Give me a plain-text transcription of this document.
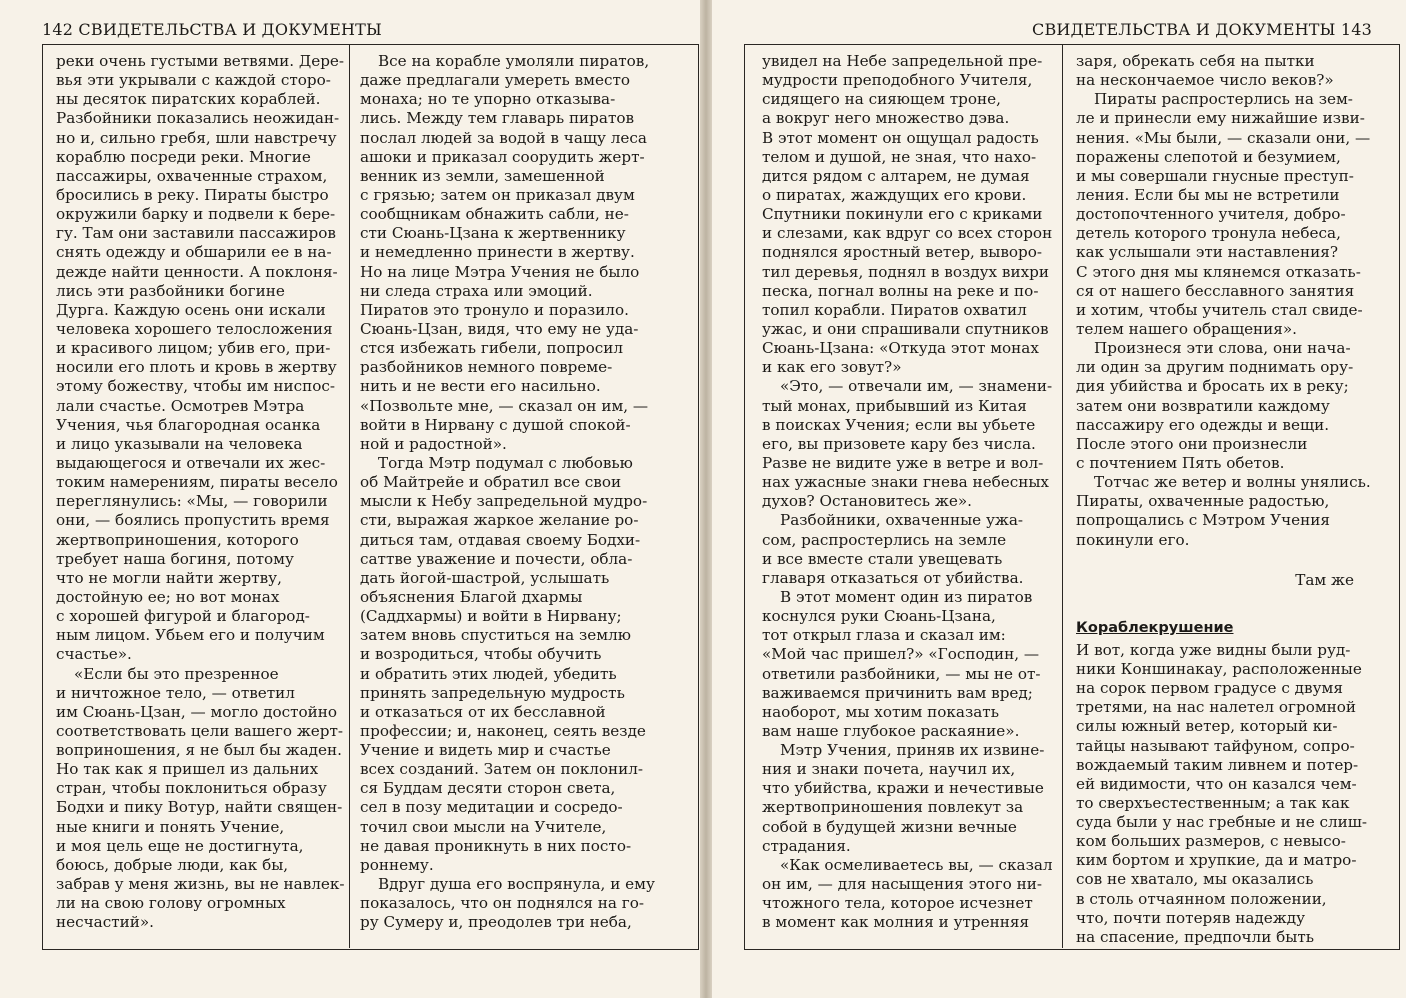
142 СВИДЕТЕЛЬСТВА И ДОКУМЕНТЫ	СВИДЕТЕЛЬСТВА И ДОКУМЕНТЫ 143
реки очень густыми ветвями. Дере-
вья эти укрывали с каждой сторо-
ны десяток пиратских кораблей.
Разбойники показались неожидан-
но и, сильно гребя, шли навстречу
кораблю посреди реки. Многие
пассажиры, охваченные страхом,
бросились в реку. Пираты быстро
окружили барку и подвели к бере-
гу. Там они заставили пассажиров
снять одежду и обшарили ее в на-
дежде найти ценности. А поклоня-
лись эти разбойники богине
Дурга. Каждую осень они искали
человека хорошего телосложения
и красивого лицом; убив его, при-
носили его плоть и кровь в жертву
этому божеству, чтобы им ниспос-
лали счастье. Осмотрев Мэтра
Учения, чья благородная осанка
и лицо указывали на человека
выдающегося и отвечали их жес-
токим намерениям, пираты весело
переглянулись: «Мы, — говорили
они, — боялись пропустить время
жертвоприношения, которого
требует наша богиня, потому
что не могли найти жертву,
достойную ее; но вот монах
с хорошей фигурой и благород-
ным лицом. Убьем его и получим
счастье».
«Если бы это презренное
и ничтожное тело, — ответил
им Сюань-Цзан, — могло достойно
соответствовать цели вашего жерт-
воприношения, я не был бы жаден.
Но так как я пришел из дальних
стран, чтобы поклониться образу
Бодхи и пику Вотур, найти священ-
ные книги и понять Учение,
и моя цель еще не достигнута,
боюсь, добрые люди, как бы,
забрав у меня жизнь, вы не навлек-
ли на свою голову огромных
несчастий».
Все на корабле умоляли пиратов,
даже предлагали умереть вместо
монаха; но те упорно отказыва-
лись. Между тем главарь пиратов
послал людей за водой в чащу леса
ашоки и приказал соорудить жерт-
венник из земли, замешенной
с грязью; затем он приказал двум
сообщникам обнажить сабли, не-
сти Сюань-Цзана к жертвеннику
и немедленно принести в жертву.
Но на лице Мэтра Учения не было
ни следа страха или эмоций.
Пиратов это тронуло и поразило.
Сюань-Цзан, видя, что ему не уда-
стся избежать гибели, попросил
разбойников немного повреме-
нить и не вести его насильно.
«Позвольте мне, — сказал он им, —
войти в Нирвану с душой спокой-
ной и радостной».
Тогда Мэтр подумал с любовью
об Майтрейе и обратил все свои
мысли к Небу запредельной мудро-
сти, выражая жаркое желание ро-
диться там, отдавая своему Бодхи-
саттве уважение и почести, обла-
дать йогой-шастрой, услышать
объяснения Благой дхармы
(Саддхармы) и войти в Нирвану;
затем вновь спуститься на землю
и возродиться, чтобы обучить
и обратить этих людей, убедить
принять запредельную мудрость
и отказаться от их бесславной
профессии; и, наконец, сеять везде
Учение и видеть мир и счастье
всех созданий. Затем он поклонил-
ся Буддам десяти сторон света,
сел в позу медитации и сосредо-
точил свои мысли на Учителе,
не давая проникнуть в них посто-
роннему.
Вдруг душа его воспрянула, и ему
показалось, что он поднялся на го-
ру Сумеру и, преодолев три неба,
увидел на Небе запредельной пре-
мудрости преподобного Учителя,
сидящего на сияющем троне,
а вокруг него множество дэва.
В этот момент он ощущал радость
телом и душой, не зная, что нахо-
дится рядом с алтарем, не думая
о пиратах, жаждущих его крови.
Спутники покинули его с криками
и слезами, как вдруг со всех сторон
поднялся яростный ветер, выворо-
тил деревья, поднял в воздух вихри
песка, погнал волны на реке и по-
топил корабли. Пиратов охватил
ужас, и они спрашивали спутников
Сюань-Цзана: «Откуда этот монах
и как его зовут?»
«Это, — отвечали им, — знамени-
тый монах, прибывший из Китая
в поисках Учения; если вы убьете
его, вы призовете кару без числа.
Разве не видите уже в ветре и вол-
нах ужасные знаки гнева небесных
духов? Остановитесь же».
Разбойники, охваченные ужа-
сом, распростерлись на земле
и все вместе стали увещевать
главаря отказаться от убийства.
В этот момент один из пиратов
коснулся руки Сюань-Цзана,
тот открыл глаза и сказал им:
«Мой час пришел?» «Господин, —
ответили разбойники, — мы не от-
важиваемся причинить вам вред;
наоборот, мы хотим показать
вам наше глубокое раскаяние».
Мэтр Учения, приняв их извине-
ния и знаки почета, научил их,
что убийства, кражи и нечестивые
жертвоприношения повлекут за
собой в будущей жизни вечные
страдания.
«Как осмеливаетесь вы, — сказал
он им, — для насыщения этого ни-
чтожного тела, которое исчезнет
в момент как молния и утренняя
заря, обрекать себя на пытки
на нескончаемое число веков?»
Пираты распростерлись на зем-
ле и принесли ему нижайшие изви-
нения. «Мы были, — сказали они, —
поражены слепотой и безумием,
и мы совершали гнусные преступ-
ления. Если бы мы не встретили
достопочтенного учителя, добро-
детель которого тронула небеса,
как услышали эти наставления?
С этого дня мы клянемся отказать-
ся от нашего бесславного занятия
и хотим, чтобы учитель стал свиде-
телем нашего обращения».
Произнеся эти слова, они нача-
ли один за другим поднимать ору-
дия убийства и бросать их в реку;
затем они возвратили каждому
пассажиру его одежды и вещи.
После этого они произнесли
с почтением Пять обетов.
Тотчас же ветер и волны унялись.
Пираты, охваченные радостью,
попрощались с Мэтром Учения
покинули его.
Там же
Кораблекрушение
И вот, когда уже видны были руд-
ники Коншинакау, расположенные
на сорок первом градусе с двумя
третями, на нас налетел огромной
силы южный ветер, который ки-
тайцы называют тайфуном, сопро-
вождаемый таким ливнем и потер-
ей видимости, что он казался чем-
то сверхъестественным; а так как
суда были у нас гребные и не слиш-
ком больших размеров, с невысо-
ким бортом и хрупкие, да и матро-
сов не хватало, мы оказались
в столь отчаянном положении,
что, почти потеряв надежду
на спасение, предпочли быть
